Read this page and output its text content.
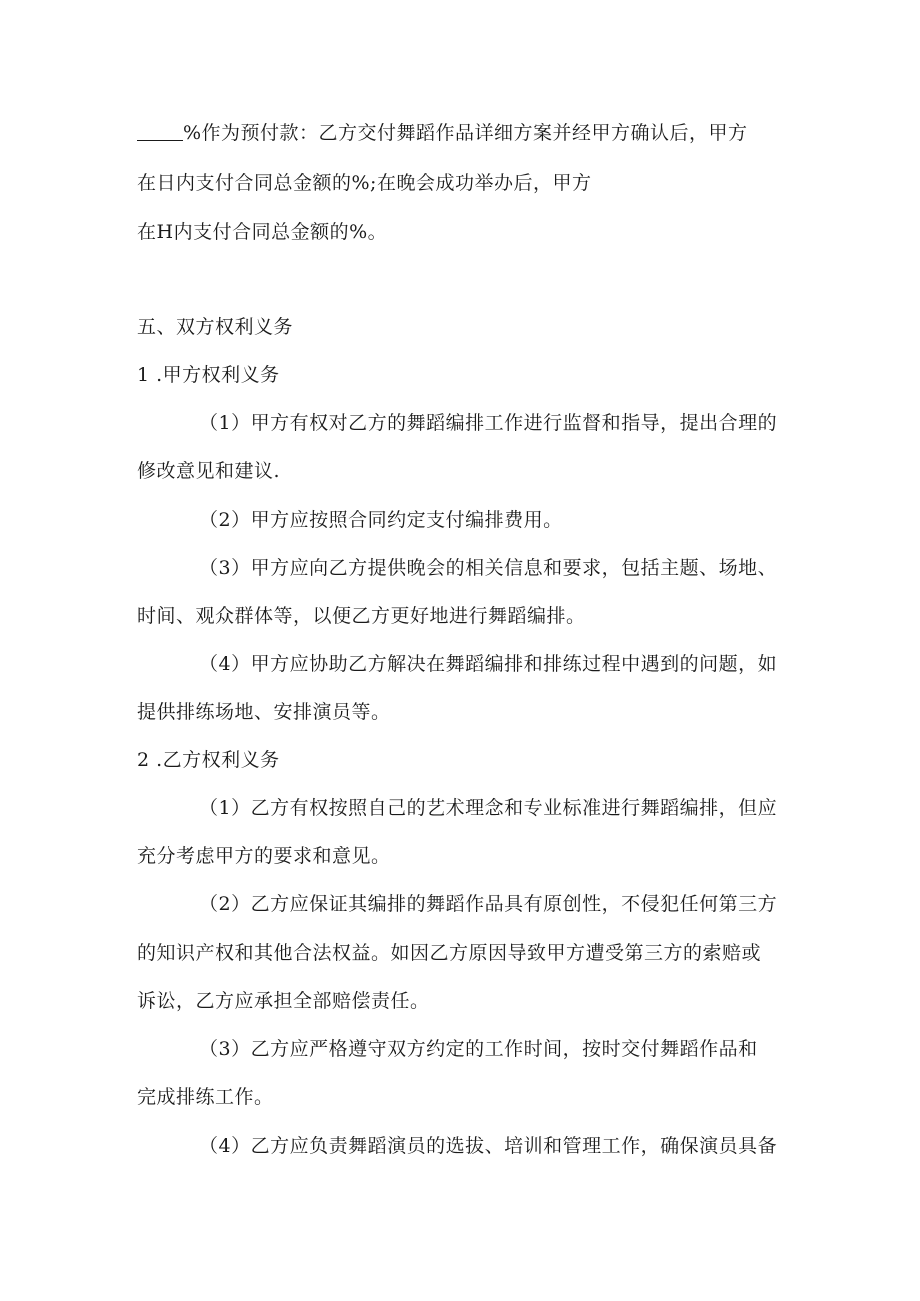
%作为预付款：乙方交付舞蹈作品详细方案并经甲方确认后，甲方
在日内支付合同总金额的%;在晚会成功举办后，甲方
在H内支付合同总金额的%。
五、双方权利义务
1 .甲方权利义务
（1）甲方有权对乙方的舞蹈编排工作进行监督和指导，提出合理的
修改意见和建议.
（2）甲方应按照合同约定支付编排费用。
（3）甲方应向乙方提供晚会的相关信息和要求，包括主题、场地、
时间、观众群体等，以便乙方更好地进行舞蹈编排。
（4）甲方应协助乙方解决在舞蹈编排和排练过程中遇到的问题，如
提供排练场地、安排演员等。
2 .乙方权利义务
（1）乙方有权按照自己的艺术理念和专业标准进行舞蹈编排，但应
充分考虑甲方的要求和意见。
（2）乙方应保证其编排的舞蹈作品具有原创性，不侵犯任何第三方
的知识产权和其他合法权益。如因乙方原因导致甲方遭受第三方的索赔或
诉讼，乙方应承担全部赔偿责任。
（3）乙方应严格遵守双方约定的工作时间，按时交付舞蹈作品和
完成排练工作。
（4）乙方应负责舞蹈演员的选拔、培训和管理工作，确保演员具备
